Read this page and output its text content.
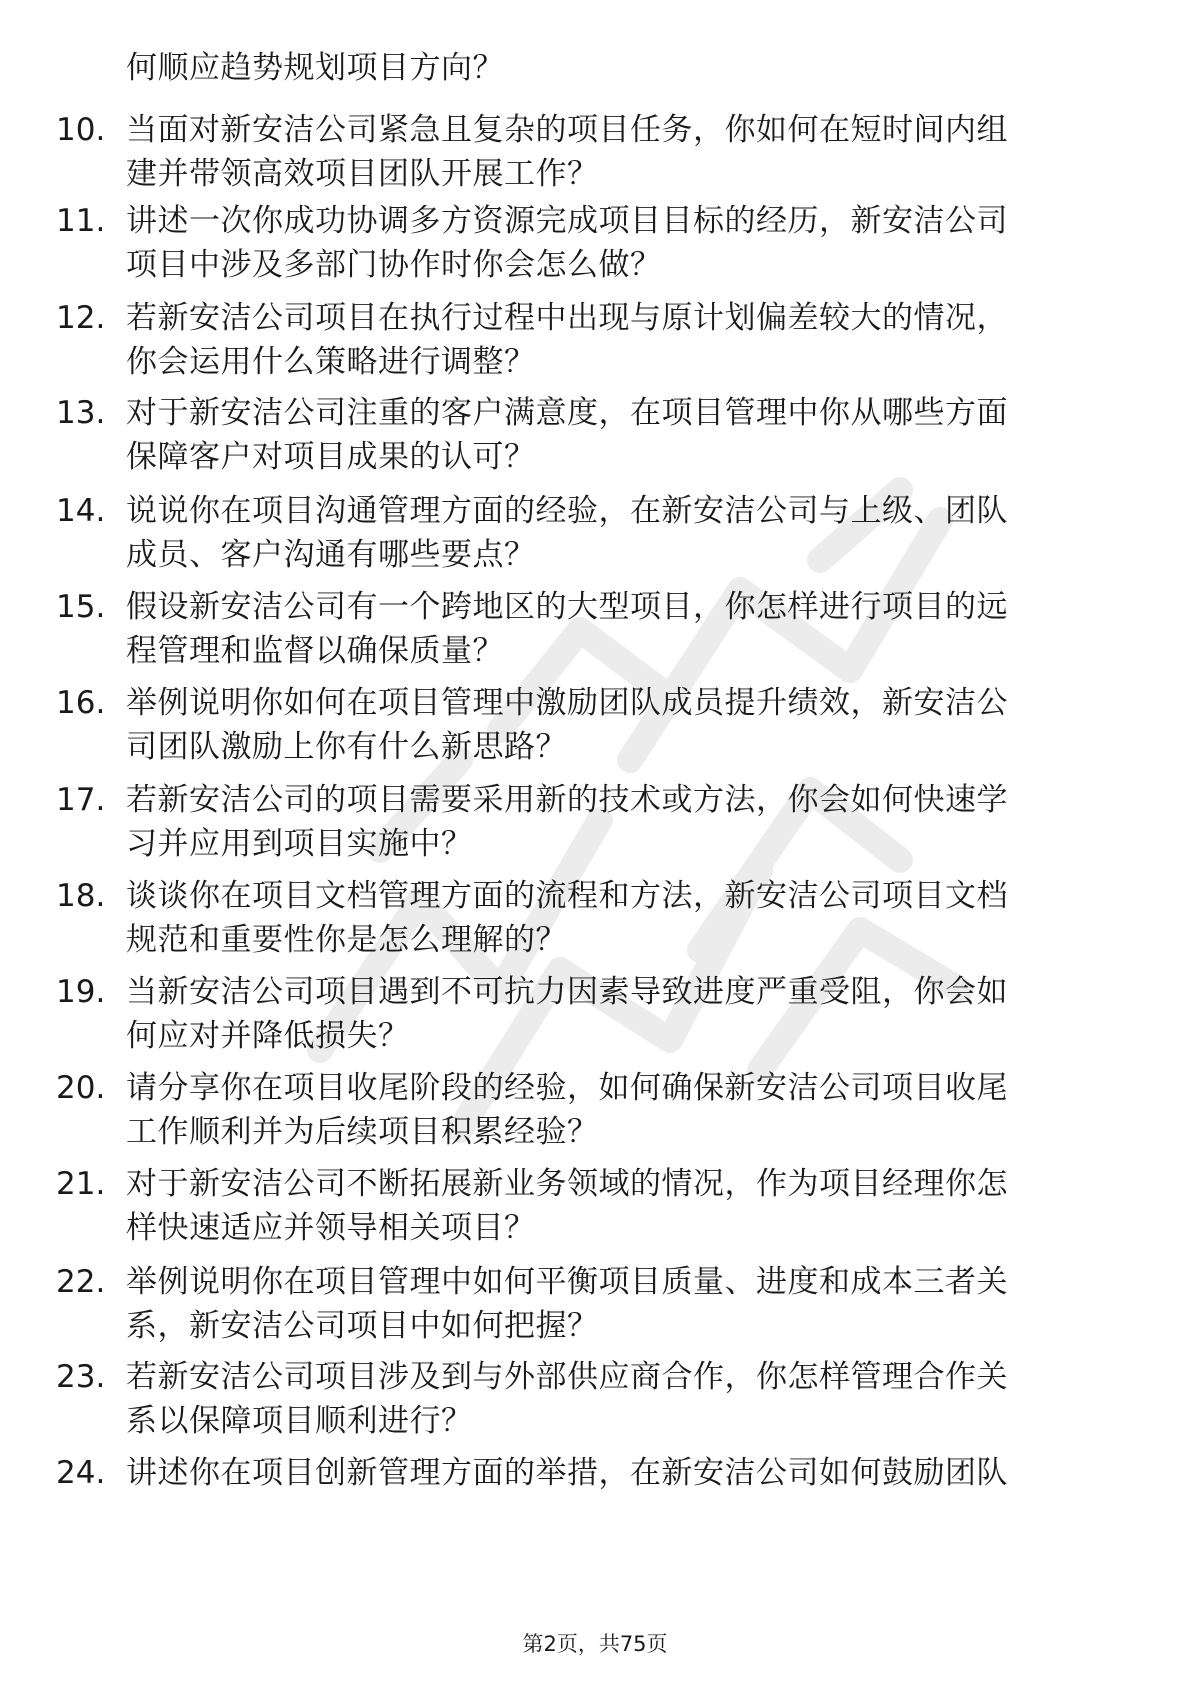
何顺应趋势规划项目方向？
10. 当面对新安洁公司紧急且复杂的项目任务，你如何在短时间内组
建并带领高效项目团队开展工作？
11. 讲述一次你成功协调多方资源完成项目目标的经历，新安洁公司
项目中涉及多部门协作时你会怎么做？
12. 若新安洁公司项目在执行过程中出现与原计划偏差较大的情况，
你会运用什么策略进行调整？
13. 对于新安洁公司注重的客户满意度，在项目管理中你从哪些方面
保障客户对项目成果的认可？
14. 说说你在项目沟通管理方面的经验，在新安洁公司与上级、团队
成员、客户沟通有哪些要点？
15. 假设新安洁公司有一个跨地区的大型项目，你怎样进行项目的远
程管理和监督以确保质量？
16. 举例说明你如何在项目管理中激励团队成员提升绩效，新安洁公
司团队激励上你有什么新思路？
17. 若新安洁公司的项目需要采用新的技术或方法，你会如何快速学
习并应用到项目实施中？
18. 谈谈你在项目文档管理方面的流程和方法，新安洁公司项目文档
规范和重要性你是怎么理解的？
19. 当新安洁公司项目遇到不可抗力因素导致进度严重受阻，你会如
何应对并降低损失？
20. 请分享你在项目收尾阶段的经验，如何确保新安洁公司项目收尾
工作顺利并为后续项目积累经验？
21. 对于新安洁公司不断拓展新业务领域的情况，作为项目经理你怎
样快速适应并领导相关项目？
22. 举例说明你在项目管理中如何平衡项目质量、进度和成本三者关
系，新安洁公司项目中如何把握？
23. 若新安洁公司项目涉及到与外部供应商合作，你怎样管理合作关
系以保障项目顺利进行？
24. 讲述你在项目创新管理方面的举措，在新安洁公司如何鼓励团队
第2页，共75页
